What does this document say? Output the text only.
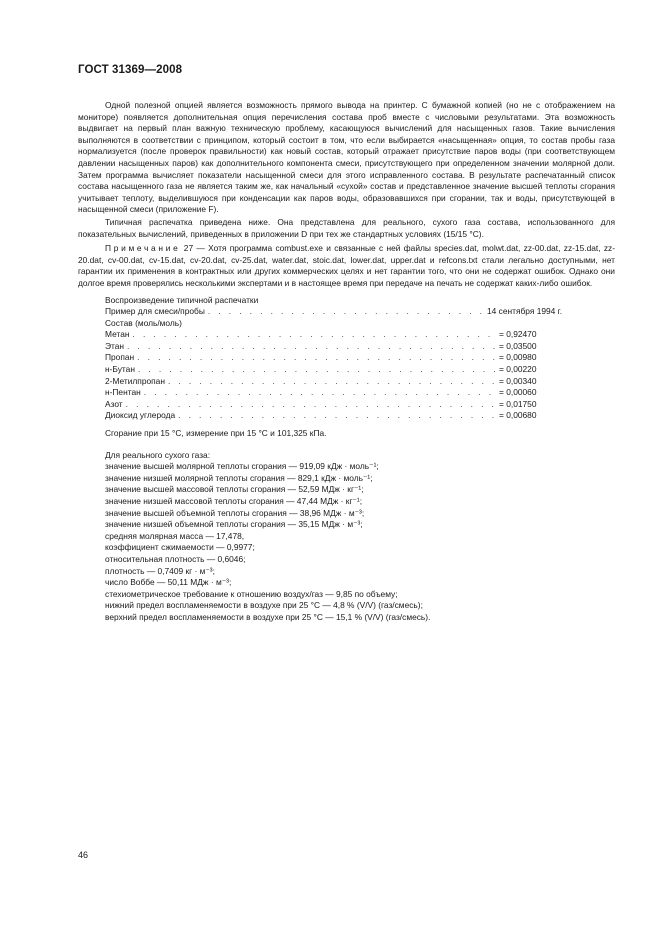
ГОСТ 31369—2008

Одной полезной опцией является возможность прямого вывода на принтер. С бумажной копией (но не с отображением на мониторе) появляется дополнительная опция перечисления состава проб вместе с числовыми результатами. Эта возможность выдвигает на первый план важную техническую проблему, касающуюся вычислений для насыщенных газов. Такие вычисления выполняются в соответствии с принципом, который состоит в том, что если выбирается «насыщенная» опция, то состав пробы газа нормализуется (после проверок правильности) как новый состав, который отражает присутствие паров воды (при соответствующем давлении насыщенных паров) как дополнительного компонента смеси, присутствующего при определенном значении молярной доли. Затем программа вычисляет показатели насыщенной смеси для этого исправленного состава. В результате распечатанный список состава насыщенного газа не является таким же, как начальный «сухой» состав и представленное значение высшей теплоты сгорания учитывает теплоту, выделившуюся при конденсации как паров воды, образовавшихся при сгорании, так и воды, присутствующей в насыщенной смеси (приложение F).

Типичная распечатка приведена ниже. Она представлена для реального, сухого газа состава, использованного для показательных вычислений, приведенных в приложении D при тех же стандартных условиях (15/15 °С).

Примечание 27 — Хотя программа combust.exe и связанные с ней файлы species.dat, molwt.dat, zz-00.dat, zz-15.dat, zz-20.dat, cv-00.dat, cv-15.dat, cv-20.dat, cv-25.dat, water.dat, stoic.dat, lower.dat, upper.dat и refcons.txt стали легально доступными, нет гарантии их применения в контрактных или других коммерческих целях и нет гарантии того, что они не содержат ошибок. Однако они долгое время проверялись несколькими экспертами и в настоящее время при передаче на печать не содержат каких-либо ошибок.

Воспроизведение типичной распечатки

Пример для смеси/пробы . . .	14 сентября 1994 г.

Состав (моль/моль)

Метан . . .	= 0,92470
Этан . . .	= 0,03500
Пропан . . .	= 0,00980
н-Бутан . . .	= 0,00220
2-Метилпропан . . .	= 0,00340
н-Пентан . . .	= 0,00060
Азот . . .	= 0,01750
Диоксид углерода . . .	= 0,00680

Сгорание при 15 °С, измерение при 15 °С и 101,325 кПа.

Для реального сухого газа:

значение высшей молярной теплоты сгорания — 919,09 кДж · моль⁻¹;

значение низшей молярной теплоты сгорания — 829,1 кДж · моль⁻¹;

значение высшей массовой теплоты сгорания — 52,59 МДж · кг⁻¹;

значение низшей массовой теплоты сгорания — 47,44 МДж · кг⁻¹;

значение высшей объемной теплоты сгорания — 38,96 МДж · м⁻³;

значение низшей объемной теплоты сгорания — 35,15 МДж · м⁻³;

средняя молярная масса — 17,478,

коэффициент сжимаемости — 0,9977;

относительная плотность — 0,6046;

плотность — 0,7409 кг · м⁻³;

число Воббе — 50,11 МДж · м⁻³;

стехиометрическое требование к отношению воздух/газ — 9,85 по объему;

нижний предел воспламеняемости в воздухе при 25 °С — 4,8 % (V/V) (газ/смесь);

верхний предел воспламеняемости в воздухе при 25 °С — 15,1 % (V/V) (газ/смесь).

46
